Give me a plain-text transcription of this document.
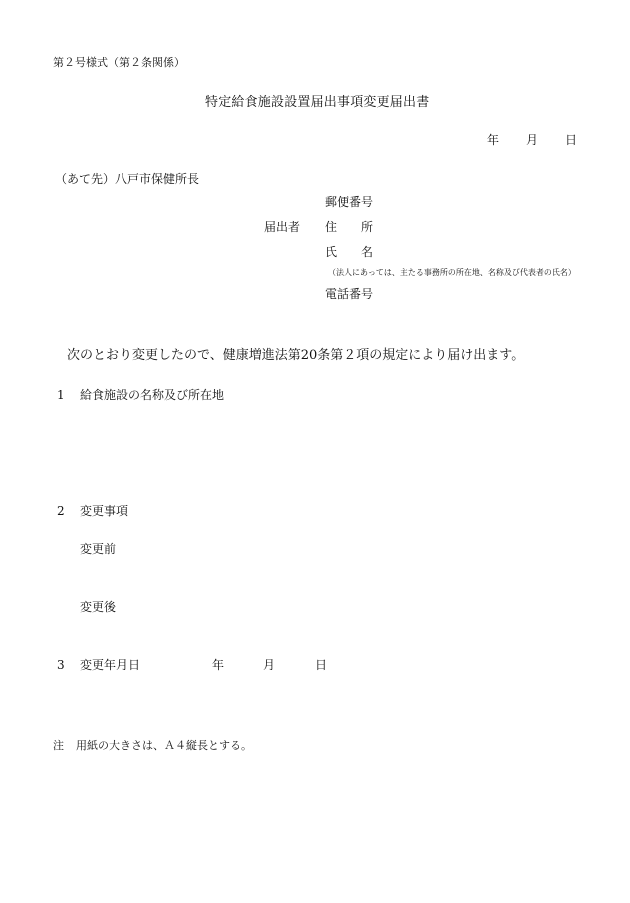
第２号様式（第２条関係）
特定給食施設設置届出事項変更届出書
年 月 日
（あて先）八戸市保健所長
郵便番号
届出者 住　　所
氏　　名
（法人にあっては、主たる事務所の所在地、名称及び代表者の氏名）
電話番号
次のとおり変更したので、健康増進法第20条第２項の規定により届け出ます。
1 給食施設の名称及び所在地
2 変更事項
変更前
変更後
3 変更年月日	年	月	日
注 用紙の大きさは、Ａ４縦長とする。
